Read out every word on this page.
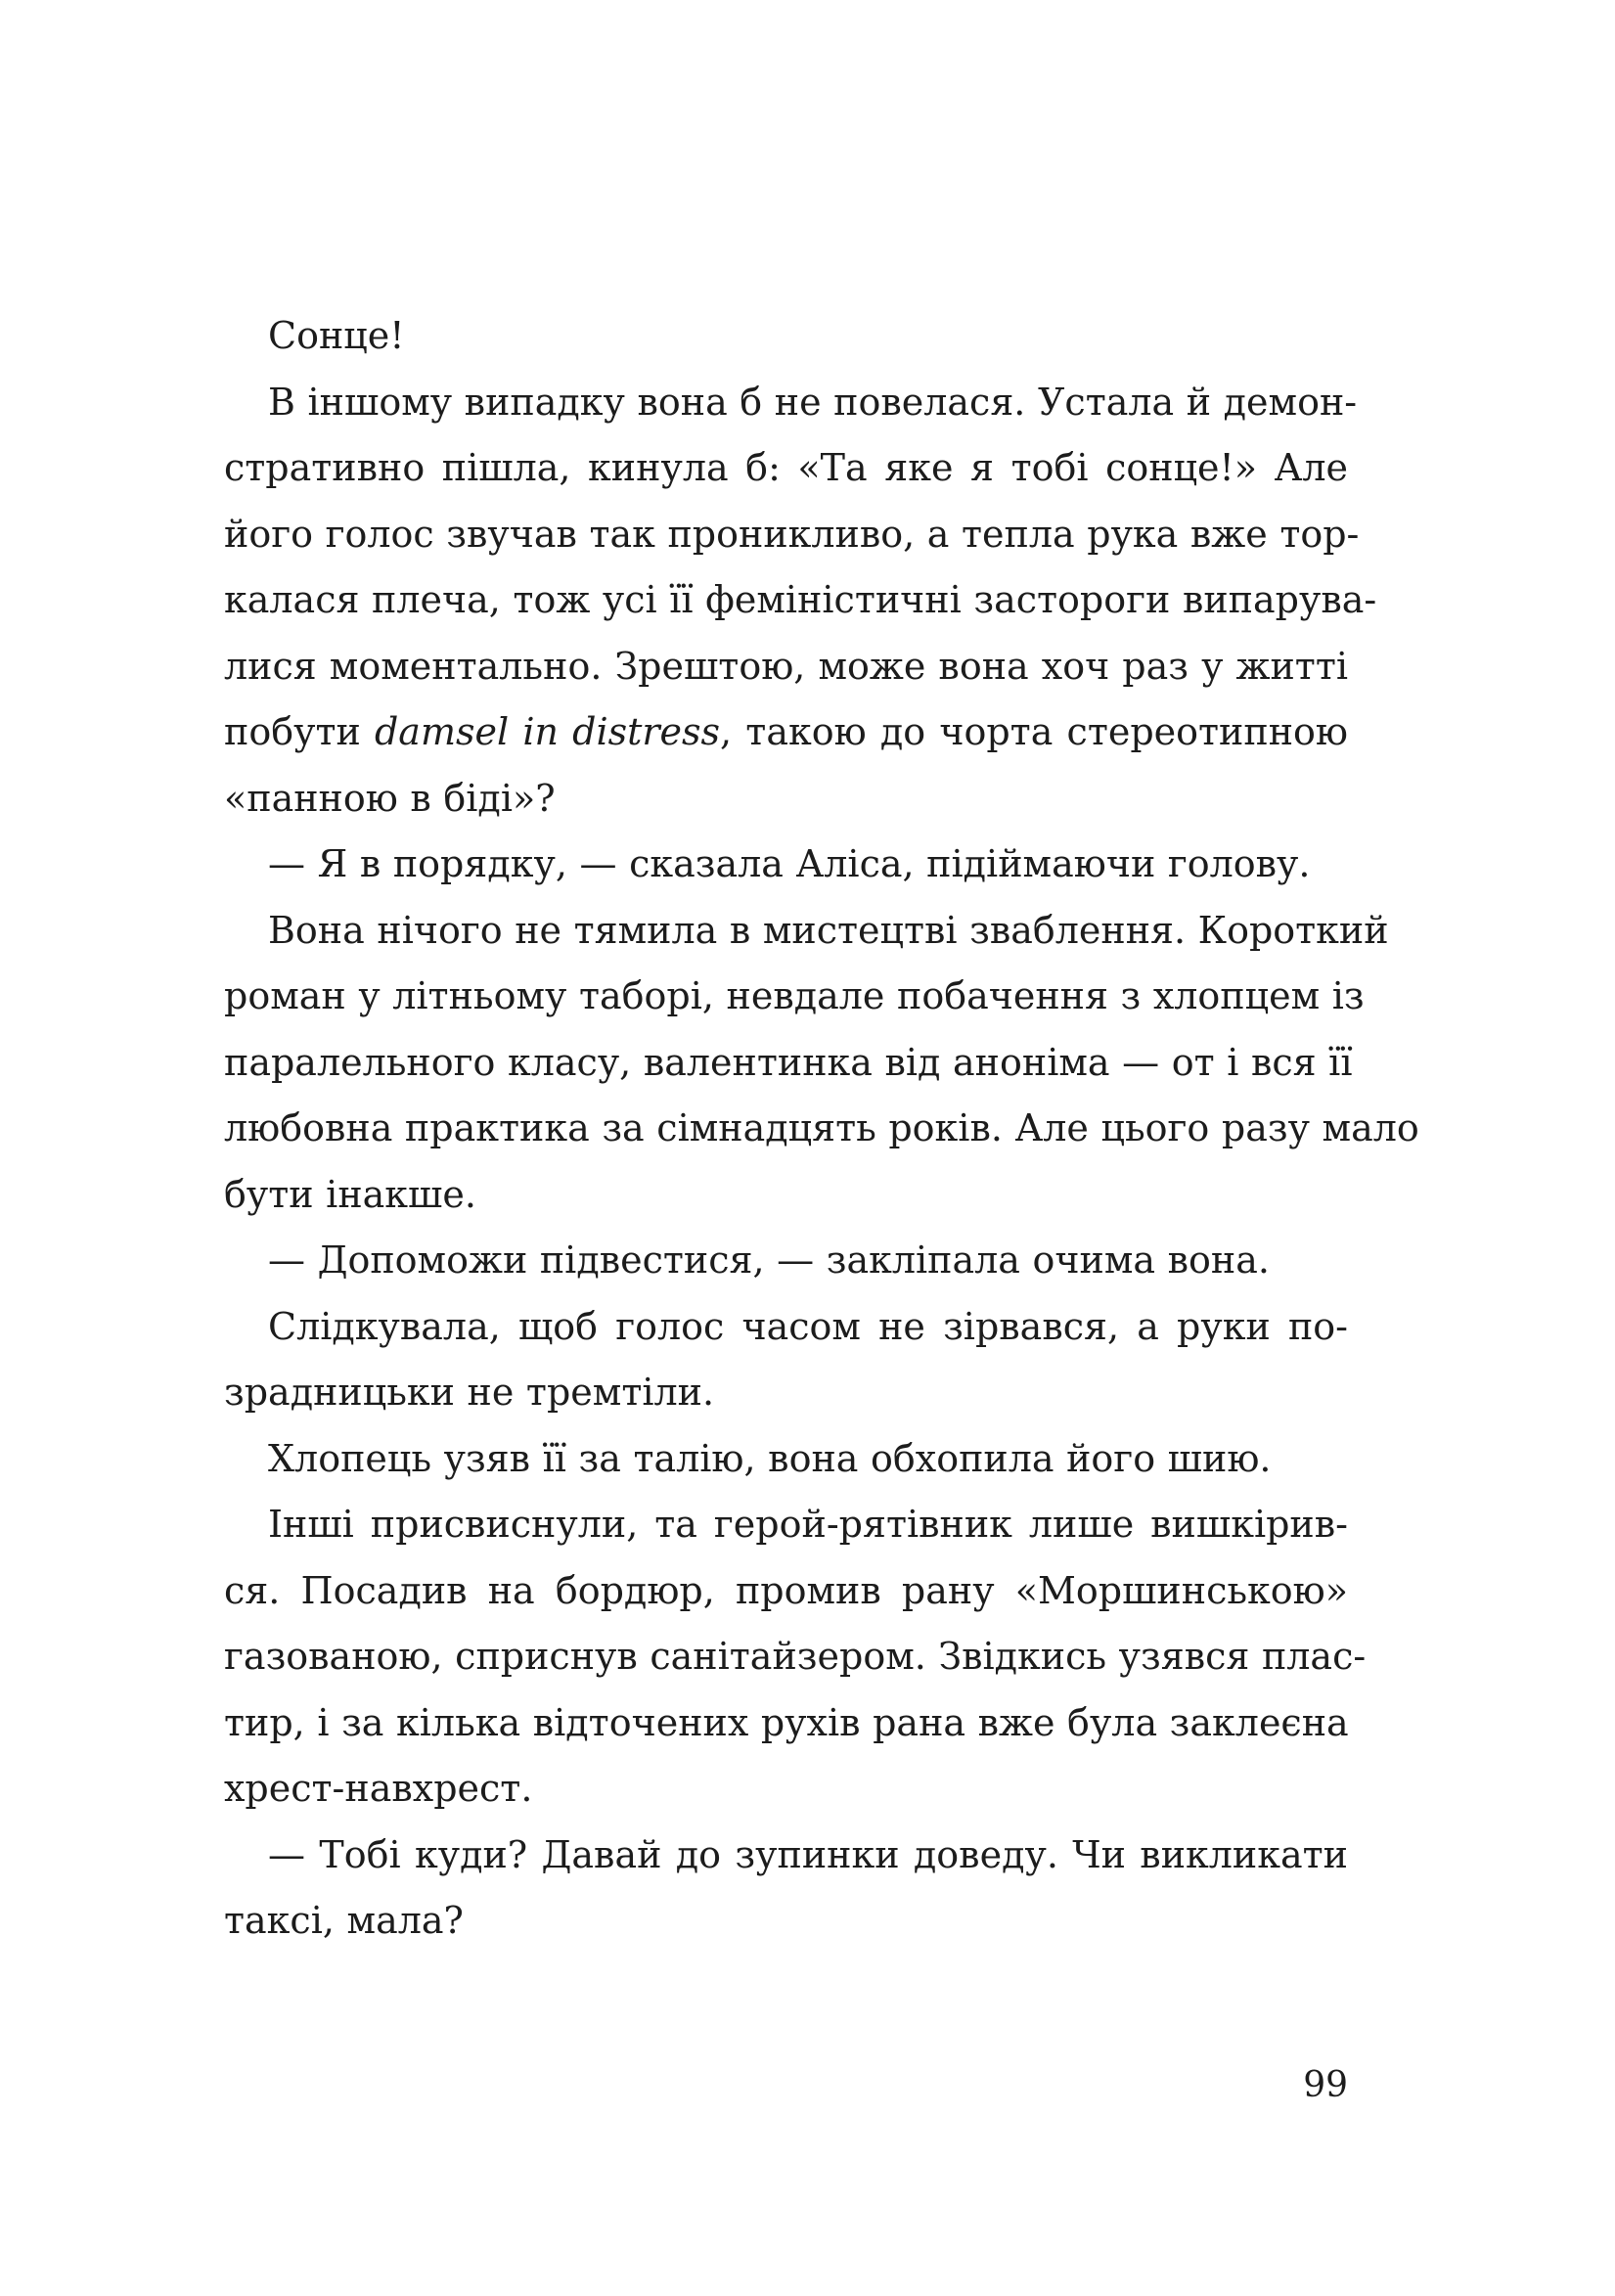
Сонце!
В іншому випадку вона б не повелася. Устала й демон-
стративно пішла, кинула б: «Та яке я тобі сонце!» Але
його голос звучав так проникливо, а тепла рука вже тор-
калася плеча, тож усі її феміністичні застороги випарува-
лися моментально. Зрештою, може вона хоч раз у житті
побути damsel in distress, такою до чорта стереотипною
«панною в біді»?
— Я в порядку, — сказала Аліса, підіймаючи голову.
Вона нічого не тямила в мистецтві зваблення. Короткий
роман у літньому таборі, невдале побачення з хлопцем із
паралельного класу, валентинка від аноніма — от і вся її
любовна практика за сімнадцять років. Але цього разу мало
бути інакше.
— Допоможи підвестися, — закліпала очима вона.
Слідкувала, щоб голос часом не зірвався, а руки по-
зрадницьки не тремтіли.
Хлопець узяв її за талію, вона обхопила його шию.
Інші присвиснули, та герой-рятівник лише вишкірив-
ся. Посадив на бордюр, промив рану «Моршинською»
газованою, сприснув санітайзером. Звідкись узявся плас-
тир, і за кілька відточених рухів рана вже була заклеєна
хрест-навхрест.
— Тобі куди? Давай до зупинки доведу. Чи викликати
таксі, мала?
99
